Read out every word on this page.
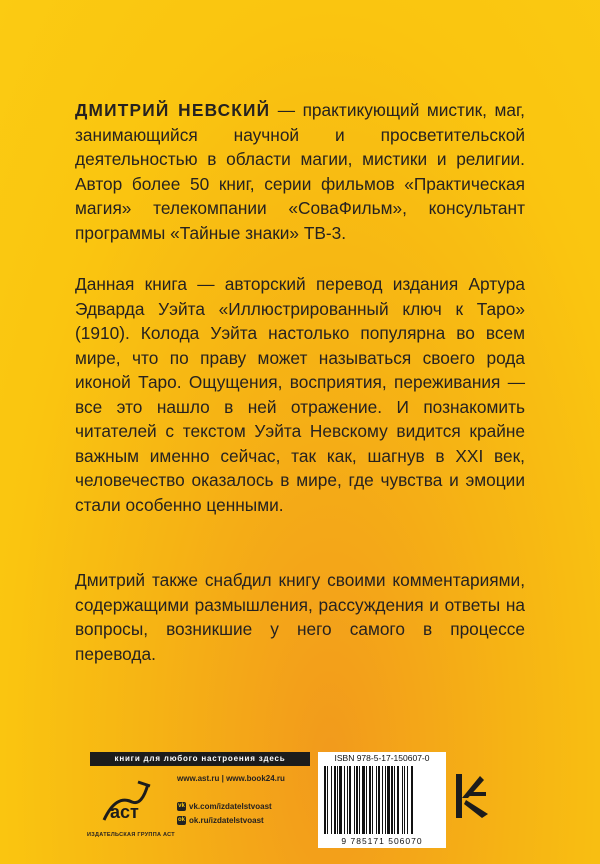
ДМИТРИЙ НЕВСКИЙ — практикующий мистик, маг, занимающийся научной и просветительской деятельностью в области магии, мистики и религии. Автор более 50 книг, серии фильмов «Практическая магия» телекомпании «СоваФильм», консультант программы «Тайные знаки» ТВ-3.

Данная книга — авторский перевод издания Артура Эдварда Уэйта «Иллюстрированный ключ к Таро» (1910). Колода Уэйта настолько популярна во всем мире, что по праву может называться своего рода иконой Таро. Ощущения, восприятия, переживания — все это нашло в ней отражение. И познакомить читателей с текстом Уэйта Невскому видится крайне важным именно сейчас, так как, шагнув в XXI век, человечество оказалось в мире, где чувства и эмоции стали особенно ценными.

Дмитрий также снабдил книгу своими комментариями, содержащими размышления, рассуждения и ответы на вопросы, возникшие у него самого в процессе перевода.

книги для любого настроения здесь
аст
ИЗДАТЕЛЬСКАЯ ГРУППА АСТ
www.ast.ru | www.book24.ru
vk vk.com/izdatelstvoast
ok ok.ru/izdatelstvoast
ISBN 978-5-17-150607-0
9 785171 506070
